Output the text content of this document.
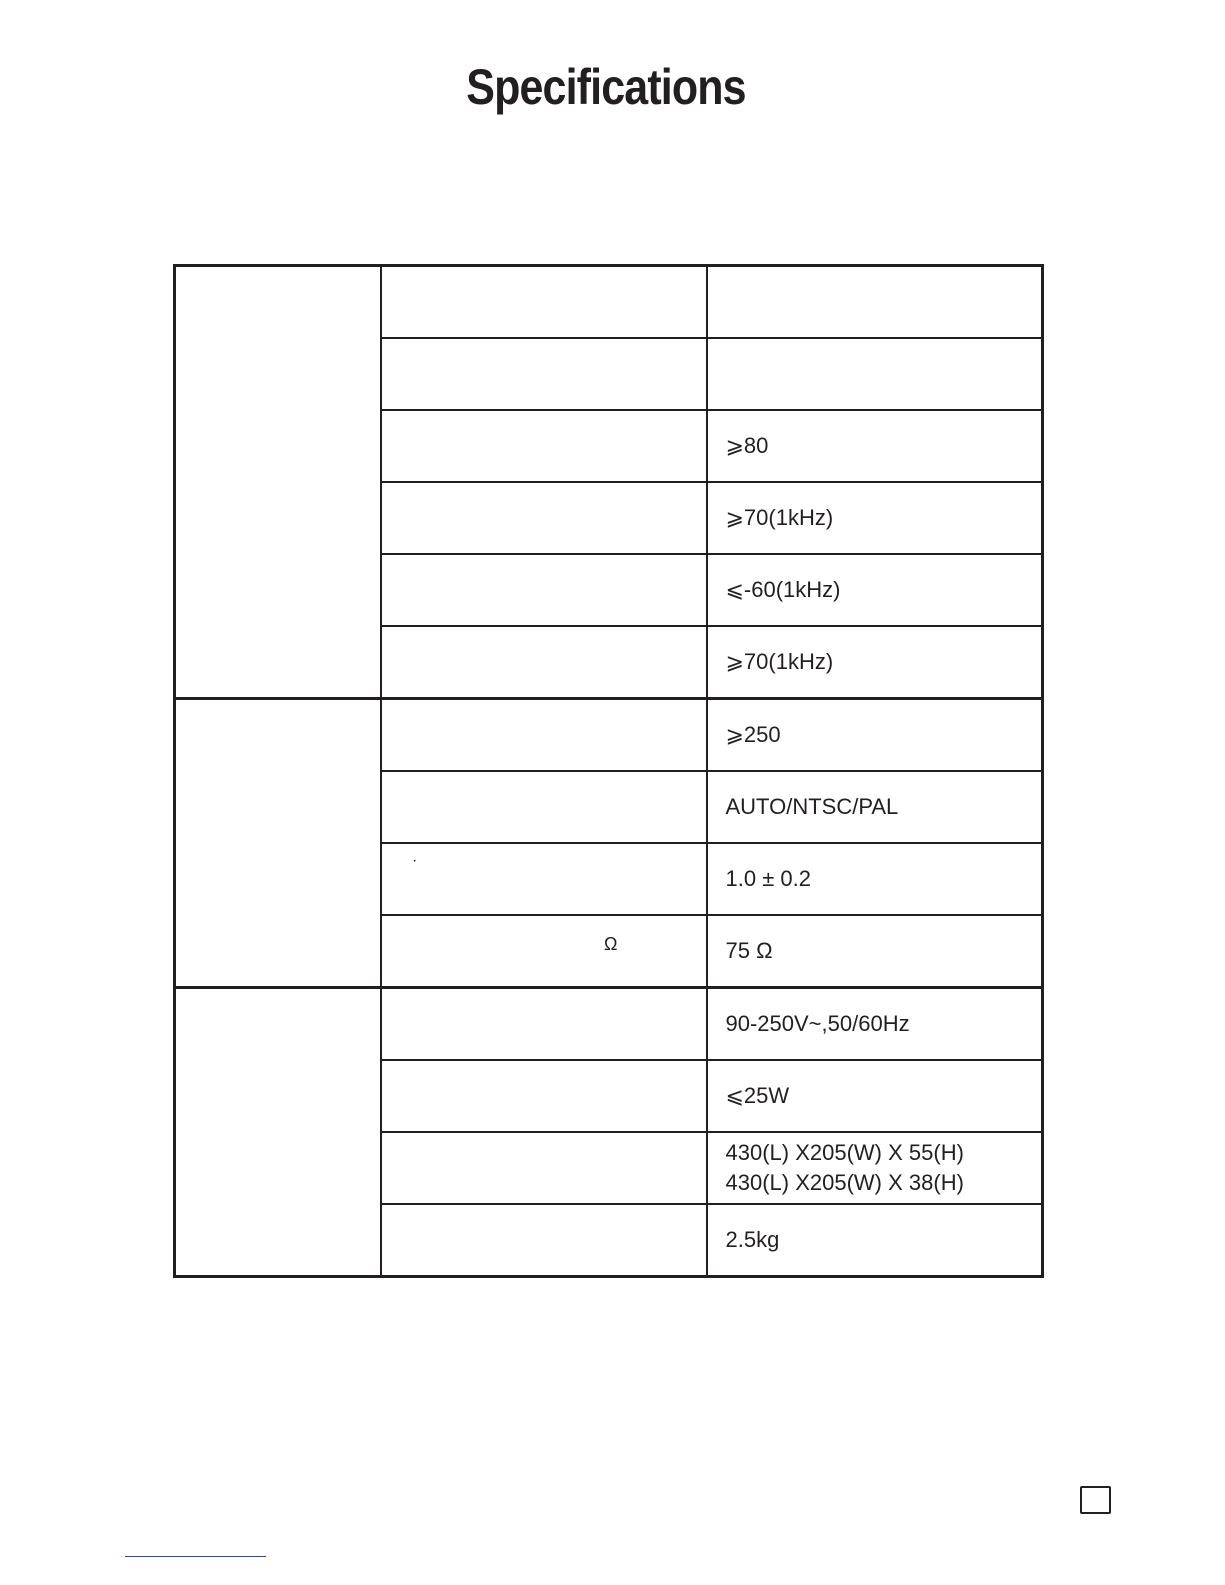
Specifications

		⩾80
		⩾70(1kHz)
		⩽-60(1kHz)
		⩾70(1kHz)
		⩾250
		AUTO/NTSC/PAL
		1.0 ± 0.2
		75 Ω
		90-250V~,50/60Hz
		⩽25W

		430(L) X205(W) X 55(H)
430(L) X205(W) X 38(H)

		2.5kg
·
Ω
